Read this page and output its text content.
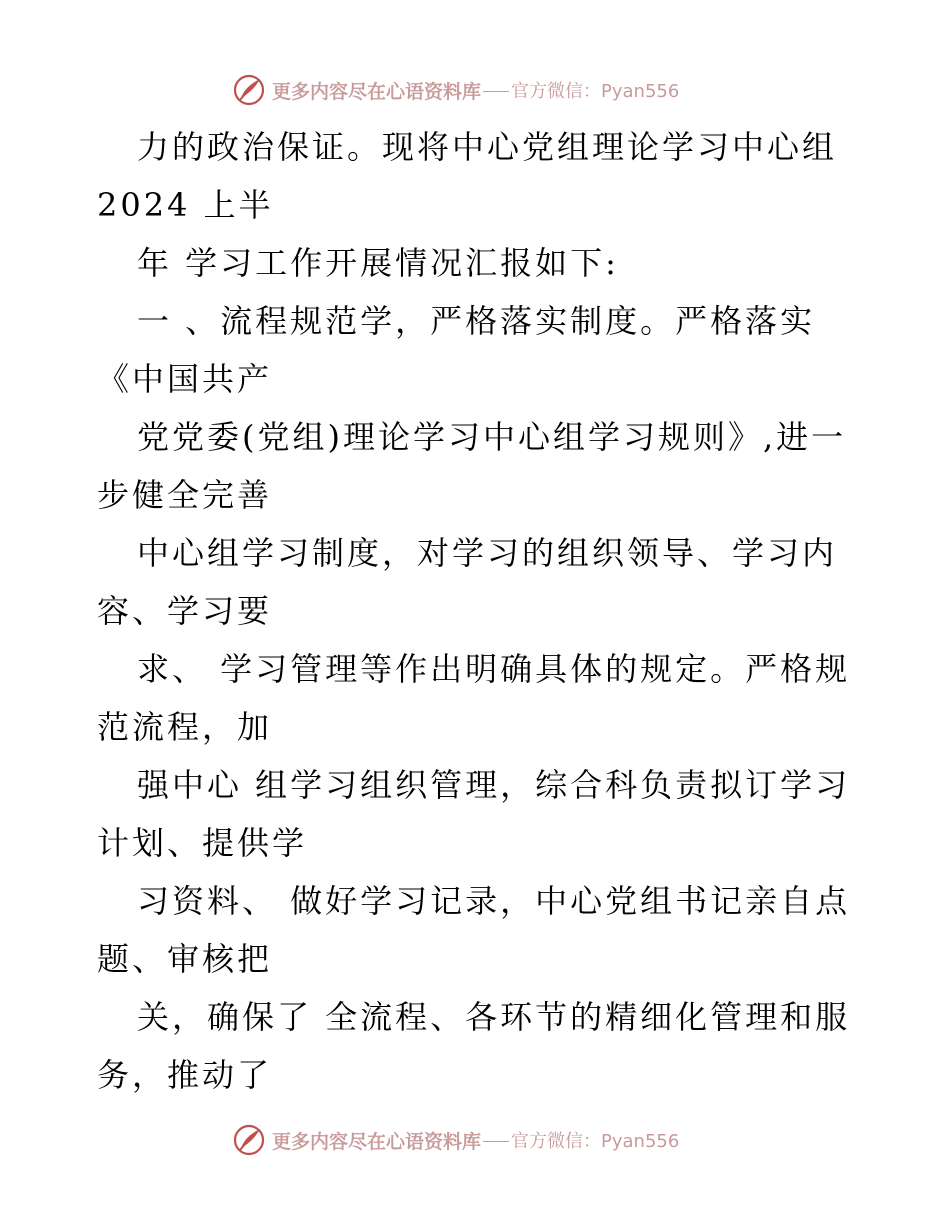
更多内容尽在心语资料库 官方微信：Pyan556
力的政治保证。现将中心党组理论学习中心组
2024 上半
年 学习工作开展情况汇报如下:
一 、流程规范学，严格落实制度。严格落实
《中国共产
党党委(党组)理论学习中心组学习规则》,进一
步健全完善
中心组学习制度，对学习的组织领导、学习内
容、学习要
求、 学习管理等作出明确具体的规定。严格规
范流程，加
强中心 组学习组织管理，综合科负责拟订学习
计划、提供学
习资料、 做好学习记录，中心党组书记亲自点
题、审核把
关，确保了 全流程、各环节的精细化管理和服
务，推动了
更多内容尽在心语资料库 官方微信：Pyan556
